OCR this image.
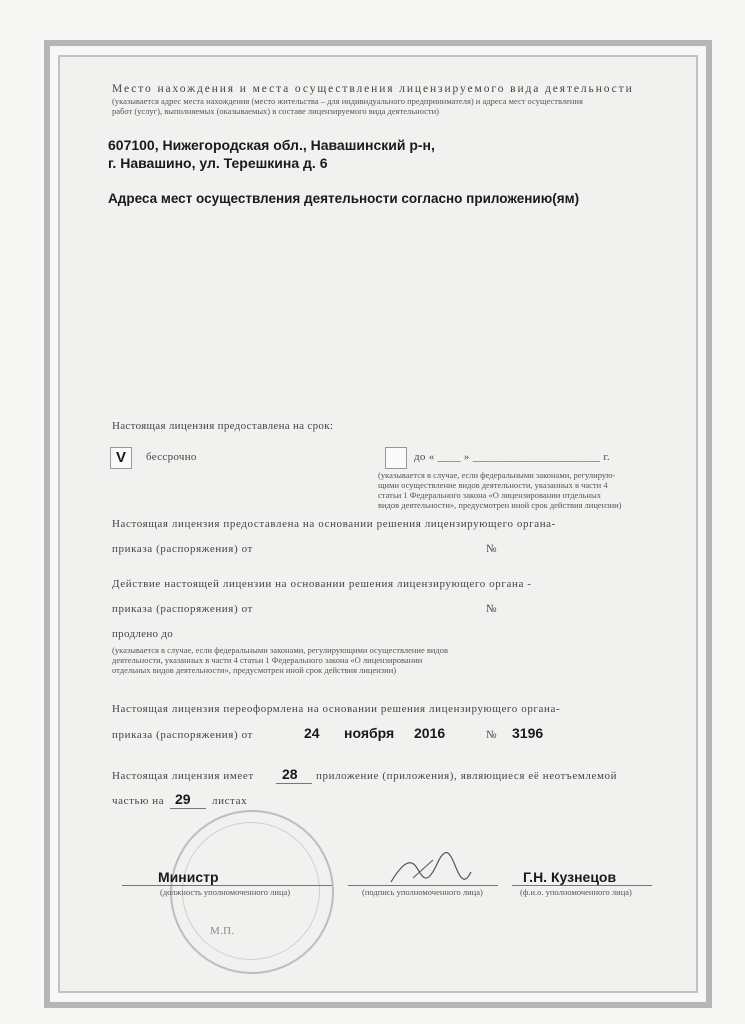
Место нахождения и места осуществления лицензируемого вида деятельности
(указывается адрес места нахождения (место жительства – для индивидуального предпринимателя) и адреса мест осуществления
работ (услуг), выполняемых (оказываемых) в составе лицензируемого вида деятельности)
607100, Нижегородская обл., Навашинский р-н,
г. Навашино, ул. Терешкина д. 6
Адреса мест осуществления деятельности согласно приложению(ям)
Настоящая лицензия предоставлена на срок:
V бессрочно	до « ____ » ______________________ г.
(указывается в случае, если федеральными законами, регулирую-
щими осуществление видов деятельности, указанных в части 4
статьи 1 Федерального закона «О лицензировании отдельных
видов деятельности», предусмотрен иной срок действия лицензии)
Настоящая лицензия предоставлена на основании решения лицензирующего органа-
приказа (распоряжения) от	№
Действие настоящей лицензии на основании решения лицензирующего органа -
приказа (распоряжения) от	№
продлено до
(указывается в случае, если федеральными законами, регулирующими осуществление видов
деятельности, указанных в части 4 статьи 1 Федерального закона «О лицензировании
отдельных видов деятельности», предусмотрен иной срок действия лицензии)
Настоящая лицензия переоформлена на основании решения лицензирующего органа-
приказа (распоряжения) от	24 ноября 2016	№ 3196
Настоящая лицензия имеет 28 приложение (приложения), являющиеся её неотъемлемой
частью на 29 листах
Министр
(должность уполномоченного лица)	(подпись уполномоченного лица)
Г.Н. Кузнецов
(ф.и.о. уполномоченного лица)
М.П.
